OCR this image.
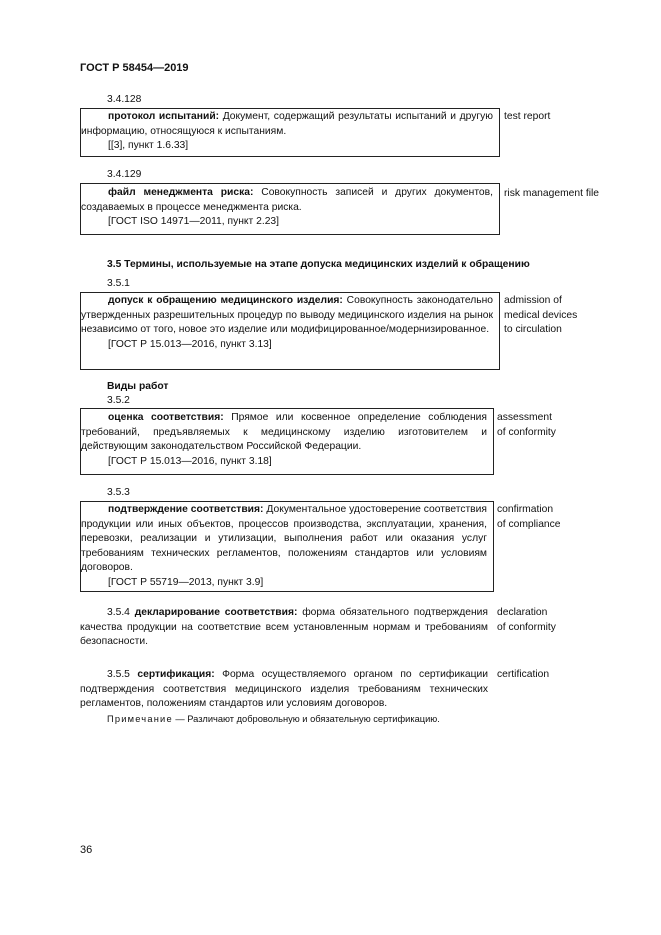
ГОСТ Р 58454—2019
3.4.128

протокол испытаний: Документ, содержащий результаты испытаний и другую информацию, относящуюся к испытаниям.

[[3], пункт 1.6.33]

test report
3.4.129

файл менеджмента риска: Совокупность записей и других документов, создаваемых в процессе менеджмента риска.

[ГОСТ ISO 14971—2011, пункт 2.23]

risk management file
3.5 Термины, используемые на этапе допуска медицинских изделий к обращению
3.5.1

допуск к обращению медицинского изделия: Совокупность законодательно утвержденных разрешительных процедур по выводу медицинского изделия на рынок независимо от того, новое это изделие или модифицированное/модернизированное.

[ГОСТ Р 15.013—2016, пункт 3.13]

admission of
medical devices
to circulation
Виды работ
3.5.2

оценка соответствия: Прямое или косвенное определение соблюдения требований, предъявляемых к медицинскому изделию изготовителем и действующим законодательством Российской Федерации.

[ГОСТ Р 15.013—2016, пункт 3.18]

assessment
of conformity
3.5.3

подтверждение соответствия: Документальное удостоверение соответствия продукции или иных объектов, процессов производства, эксплуатации, хранения, перевозки, реализации и утилизации, выполнения работ или оказания услуг требованиям технических регламентов, положениям стандартов или условиям договоров.

[ГОСТ Р 55719—2013, пункт 3.9]

confirmation
of compliance

3.5.4 декларирование соответствия: форма обязательного подтверждения качества продукции на соответствие всем установленным нормам и требованиям безопасности.

declaration
of conformity

3.5.5 сертификация: Форма осуществляемого органом по сертификации подтверждения соответствия медицинского изделия требованиям технических регламентов, положениям стандартов или условиям договоров.

certification
Примечание — Различают добровольную и обязательную сертификацию.
36
